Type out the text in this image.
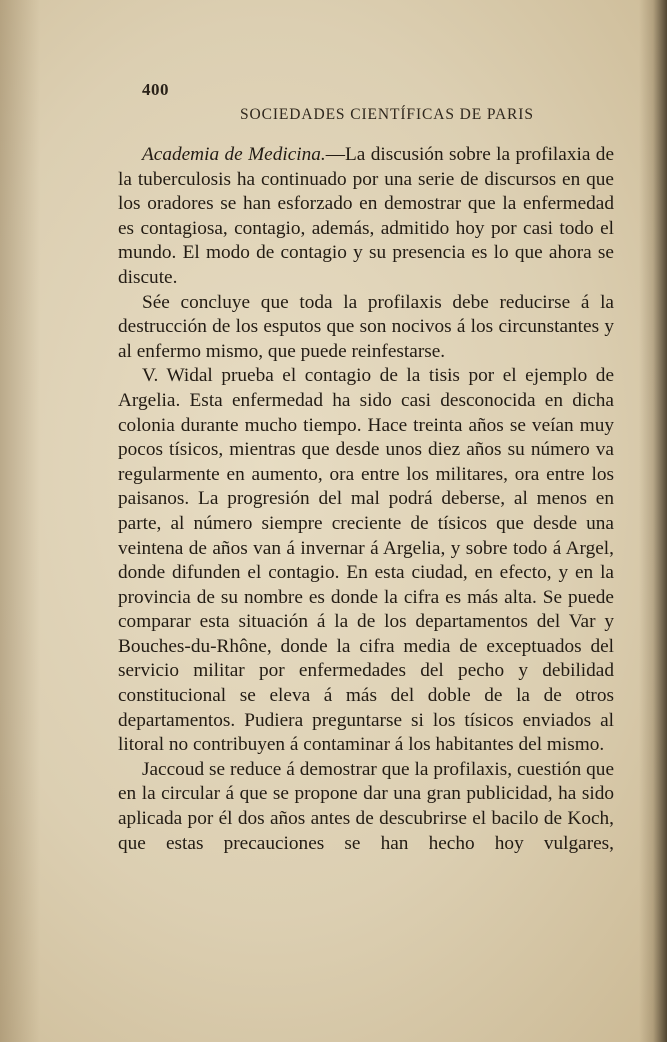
400
SOCIEDADES CIENTÍFICAS DE PARIS

Academia de Medicina.—La discusión sobre la profilaxia de la tuberculosis ha continuado por una serie de discursos en que los oradores se han esforzado en demostrar que la enfermedad es contagiosa, contagio, además, admitido hoy por casi todo el mundo. El modo de contagio y su presencia es lo que ahora se discute.

Sée concluye que toda la profilaxis debe reducirse á la destrucción de los esputos que son nocivos á los circunstantes y al enfermo mismo, que puede reinfestarse.

V. Widal prueba el contagio de la tisis por el ejemplo de Argelia. Esta enfermedad ha sido casi desconocida en dicha colonia durante mucho tiempo. Hace treinta años se veían muy pocos tísicos, mientras que desde unos diez años su número va regularmente en aumento, ora entre los militares, ora entre los paisanos. La progresión del mal podrá deberse, al menos en parte, al número siempre creciente de tísicos que desde una veintena de años van á invernar á Argelia, y sobre todo á Argel, donde difunden el contagio. En esta ciudad, en efecto, y en la provincia de su nombre es donde la cifra es más alta. Se puede comparar esta situación á la de los departamentos del Var y Bouches-du-Rhône, donde la cifra media de exceptuados del servicio militar por enfermedades del pecho y debilidad constitucional se eleva á más del doble de la de otros departamentos. Pudiera preguntarse si los tísicos enviados al litoral no contribuyen á contaminar á los habitantes del mismo.

Jaccoud se reduce á demostrar que la profilaxis, cuestión que en la circular á que se propone dar una gran publicidad, ha sido aplicada por él dos años antes de descubrirse el bacilo de Koch, que estas precauciones se han hecho hoy vulgares,
